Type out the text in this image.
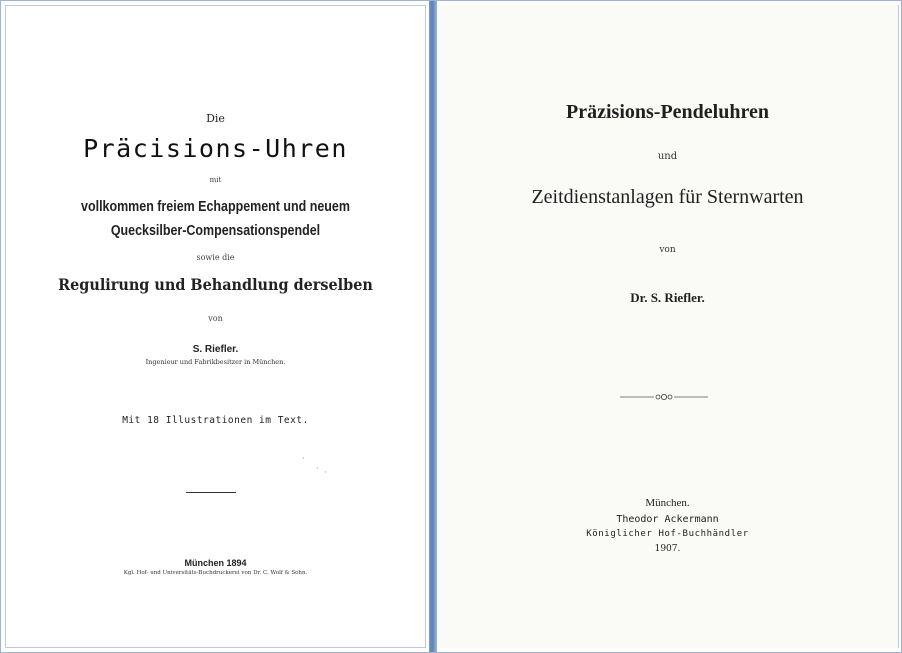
Die
Präcisions-Uhren
mit
vollkommen freiem Echappement und neuem
Quecksilber-Compensationspendel
sowie die
Regulirung und Behandlung derselben
von
S. Riefler.
Ingenieur und Fabrikbesitzer in München.
Mit 18 Illustrationen im Text.
·
⸱ ·
München 1894
Kgl. Hof- und Universitäts-Buchdruckerei von Dr. C. Wolf & Sohn.
Präzisions-Pendeluhren
und
Zeitdienstanlagen für Sternwarten
von
Dr. S. Riefler.
München.
Theodor Ackermann
Königlicher Hof-Buchhändler
1907.
